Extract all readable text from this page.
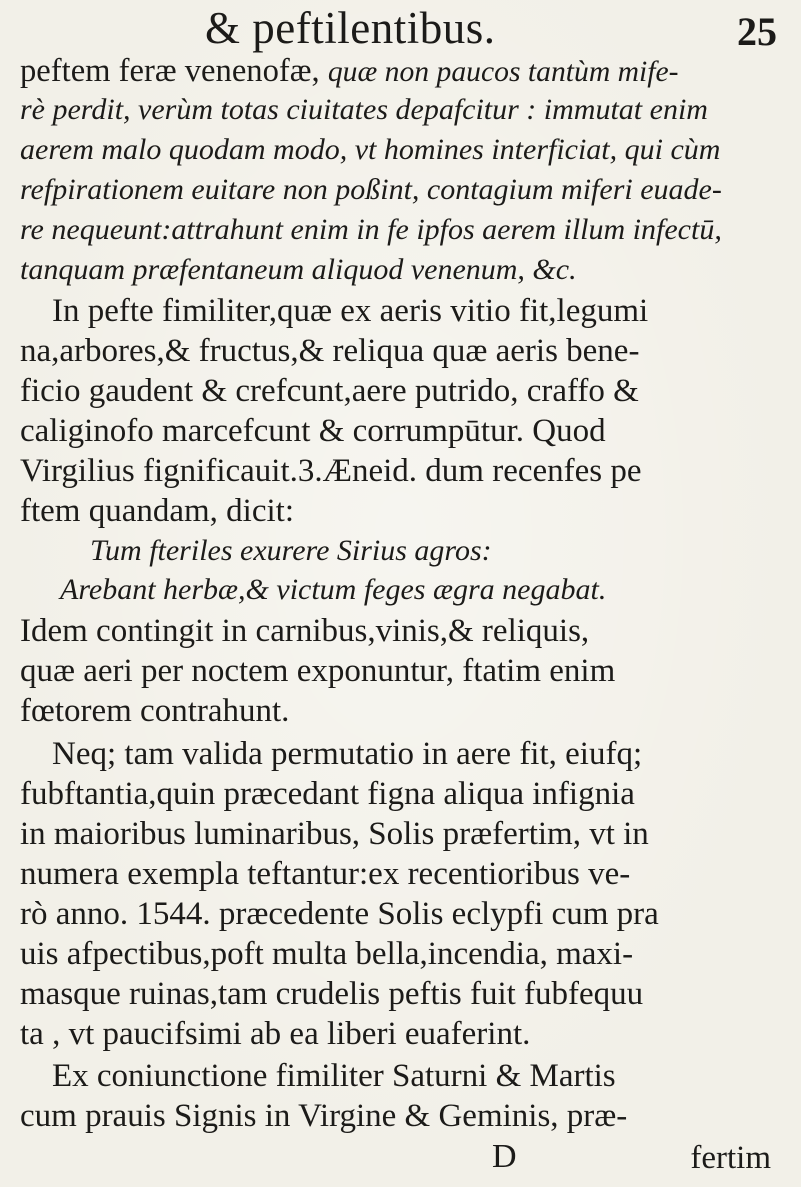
& peftilentibus.	25
peftem feræ venenofæ, quæ non paucos tantùm mife-
rè perdit, verùm totas ciuitates depafcitur : immutat enim
aerem malo quodam modo, vt homines interficiat, qui cùm
refpirationem euitare non poßint, contagium miferi euade-
re nequeunt:attrahunt enim in fe ipfos aerem illum infectū,
tanquam præfentaneum aliquod venenum, &c.
In pefte fimiliter,quæ ex aeris vitio fit,legumi
na,arbores,& fructus,& reliqua quæ aeris bene-
ficio gaudent & crefcunt,aere putrido, craffo &
caliginofo marcefcunt & corrumpūtur. Quod
Virgilius fignificauit.3.Æneid. dum recenfes pe
ftem quandam, dicit:
Tum fteriles exurere Sirius agros:
Arebant herbæ,& victum feges ægra negabat.
Idem contingit in carnibus,vinis,& reliquis,
quæ aeri per noctem exponuntur, ftatim enim
fœtorem contrahunt.
Neq; tam valida permutatio in aere fit, eiufq;
fubftantia,quin præcedant figna aliqua infignia
in maioribus luminaribus, Solis præfertim, vt in
numera exempla teftantur:ex recentioribus ve-
rò anno. 1544. præcedente Solis eclypfi cum pra
uis afpectibus,poft multa bella,incendia, maxi-
masque ruinas,tam crudelis peftis fuit fubfequu
ta , vt paucifsimi ab ea liberi euaferint.
Ex coniunctione fimiliter Saturni & Martis
cum prauis Signis in Virgine & Geminis, præ-
D	fertim
